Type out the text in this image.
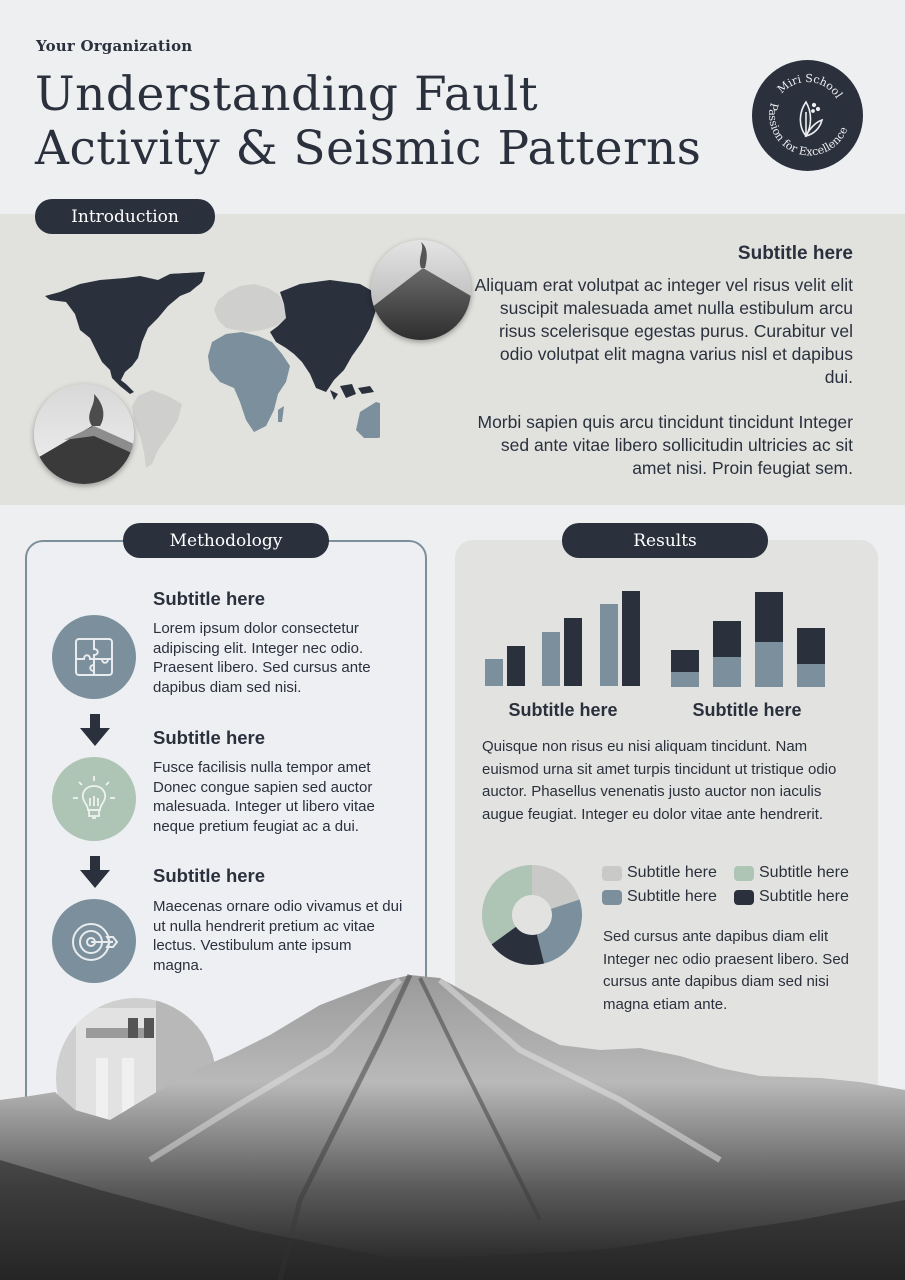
Your Organization
Understanding Fault
Activity & Seismic Patterns
Miri School
Passion for Excellence
Introduction
Subtitle here

Aliquam erat volutpat ac integer vel risus velit elit suscipit malesuada amet nulla estibulum arcu risus scelerisque egestas purus. Curabitur vel odio volutpat elit magna varius nisl et dapibus dui.

Morbi sapien quis arcu tincidunt tincidunt Integer sed ante vitae libero sollicitudin ultricies ac sit amet nisi. Proin feugiat sem.

Methodology
Subtitle here
Lorem ipsum dolor consectetur adipiscing elit. Integer nec odio. Praesent libero. Sed cursus ante dapibus diam sed nisi.
Subtitle here
Fusce facilisis nulla tempor amet Donec congue sapien sed auctor malesuada. Integer ut libero vitae neque pretium feugiat ac a dui.
Subtitle here
Maecenas ornare odio vivamus et dui ut nulla hendrerit pretium ac vitae lectus. Vestibulum ante ipsum magna.
Results
Subtitle here	Subtitle here
Quisque non risus eu nisi aliquam tincidunt. Nam euismod urna sit amet turpis tincidunt ut tristique odio auctor. Phasellus venenatis justo auctor non iaculis augue feugiat. Integer eu dolor vitae ante hendrerit.
Subtitle here	Subtitle here
Subtitle here	Subtitle here
Sed cursus ante dapibus diam elit Integer nec odio praesent libero. Sed cursus ante dapibus diam sed nisi magna etiam ante.
